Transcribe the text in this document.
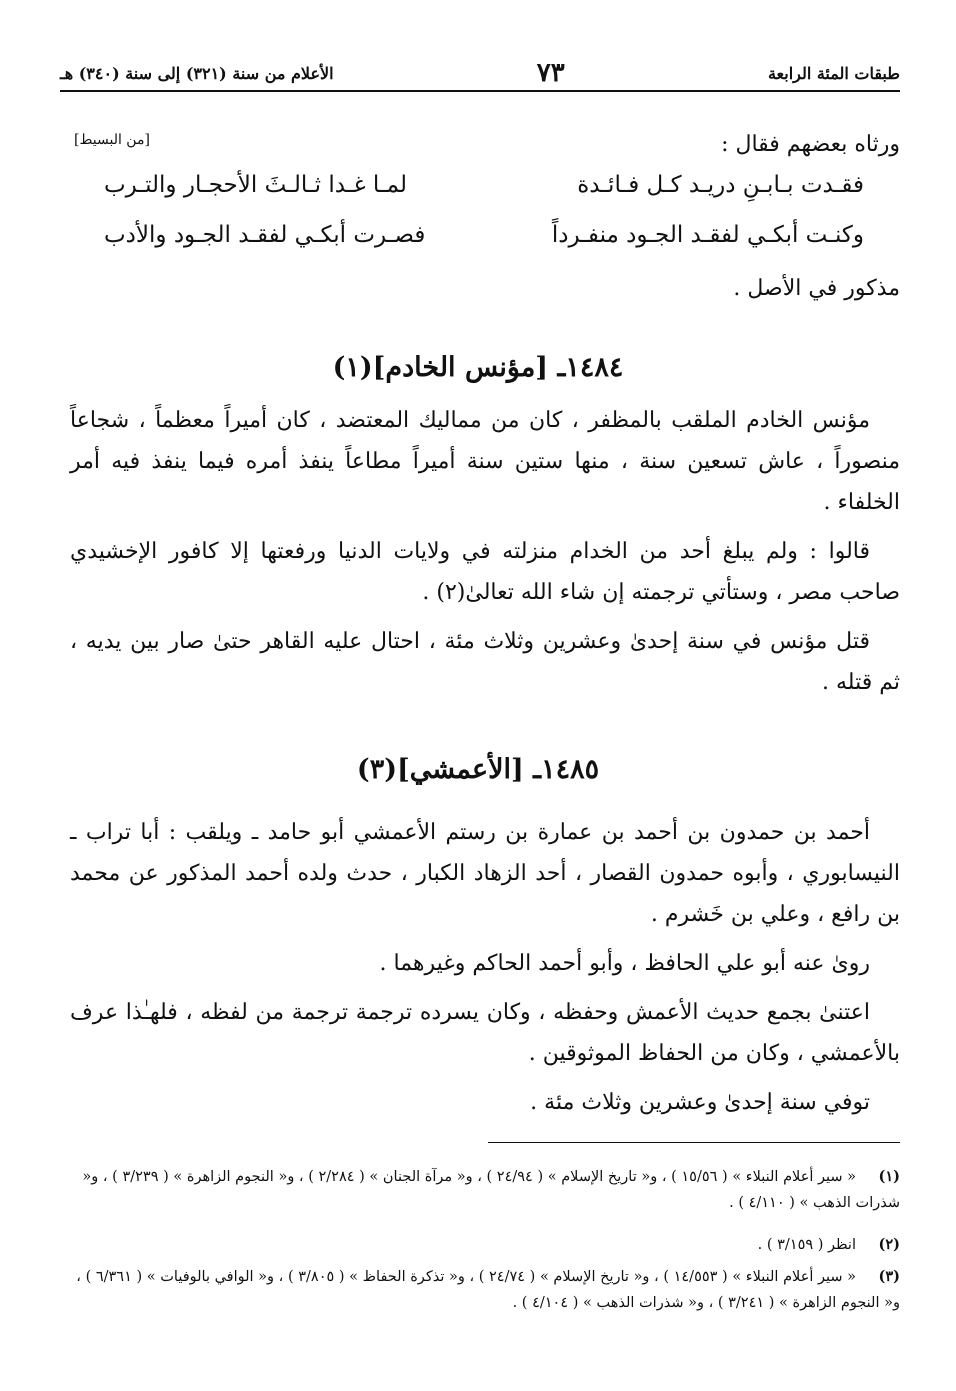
طبقات المئة الرابعة
٧٣
الأعلام من سنة (٣٢١) إلى سنة (٣٤٠) هـ
ورثاه بعضهم فقال :
[من البسيط]
فقـدت بـابـنِ دريـد كـل فـائـدة
لمـا غـدا ثـالـثَ الأحجـار والتـرب
وكنـت أبكـي لفقـد الجـود منفـرداً
فصـرت أبكـي لفقـد الجـود والأدب
مذكور في الأصل .
١٤٨٤ـ [مؤنس الخادم](١)

مؤنس الخادم الملقب بالمظفر ، كان من مماليك المعتضد ، كان أميراً معظماً ، شجاعاً منصوراً ، عاش تسعين سنة ، منها ستين سنة أميراً مطاعاً ينفذ أمره فيما ينفذ فيه أمر الخلفاء .

قالوا : ولم يبلغ أحد من الخدام منزلته في ولايات الدنيا ورفعتها إلا كافور الإخشيدي صاحب مصر ، وستأتي ترجمته إن شاء الله تعالىٰ(٢) .

قتل مؤنس في سنة إحدىٰ وعشرين وثلاث مئة ، احتال عليه القاهر حتىٰ صار بين يديه ، ثم قتله .

١٤٨٥ـ [الأعمشي](٣)

أحمد بن حمدون بن أحمد بن عمارة بن رستم الأعمشي أبو حامد ـ ويلقب : أبا تراب ـ النيسابوري ، وأبوه حمدون القصار ، أحد الزهاد الكبار ، حدث ولده أحمد المذكور عن محمد بن رافع ، وعلي بن خَشرم .

روىٰ عنه أبو علي الحافظ ، وأبو أحمد الحاكم وغيرهما .

اعتنىٰ بجمع حديث الأعمش وحفظه ، وكان يسرده ترجمة ترجمة من لفظه ، فلهـٰذا عرف بالأعمشي ، وكان من الحفاظ الموثوقين .

توفي سنة إحدىٰ وعشرين وثلاث مئة .

(١)« سير أعلام النبلاء » ( ١٥/٥٦ ) ، و« تاريخ الإسلام » ( ٢٤/٩٤ ) ، و« مرآة الجنان » ( ٢/٢٨٤ ) ، و« النجوم الزاهرة » ( ٣/٢٣٩ ) ، و« شذرات الذهب » ( ٤/١١٠ ) .
(٢)انظر ( ٣/١٥٩ ) .
(٣)« سير أعلام النبلاء » ( ١٤/٥٥٣ ) ، و« تاريخ الإسلام » ( ٢٤/٧٤ ) ، و« تذكرة الحفاظ » ( ٣/٨٠٥ ) ، و« الوافي بالوفيات » ( ٦/٣٦١ ) ، و« النجوم الزاهرة » ( ٣/٢٤١ ) ، و« شذرات الذهب » ( ٤/١٠٤ ) .
